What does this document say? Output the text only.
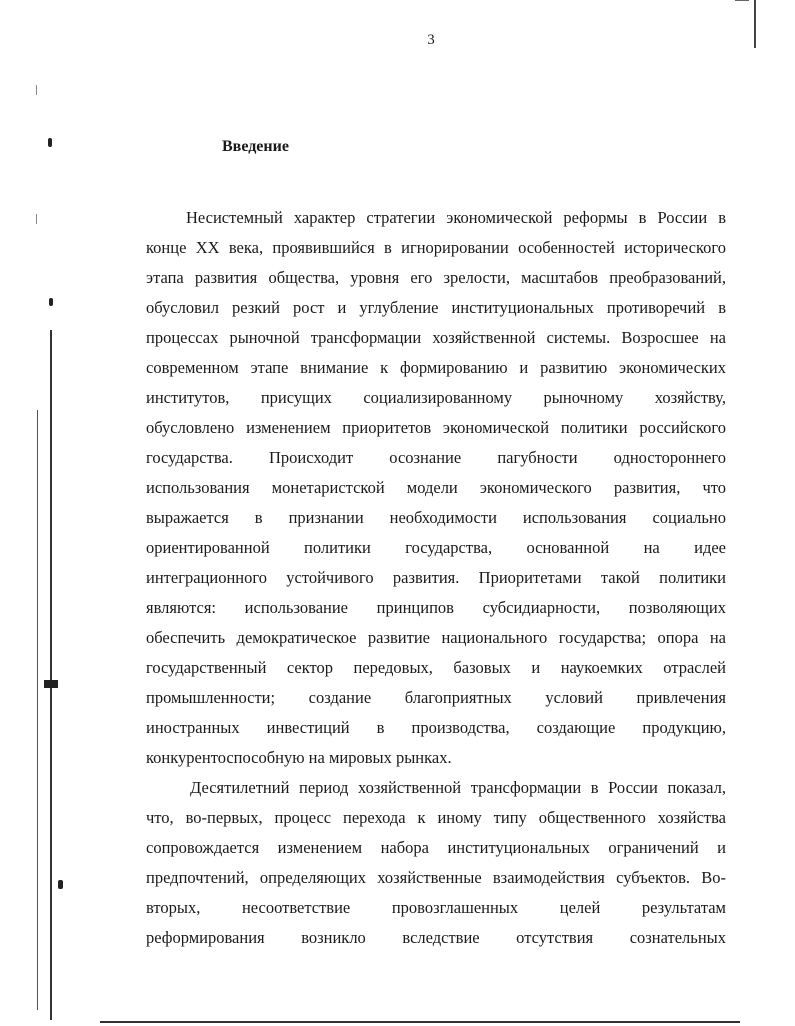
3
Введение
Несистемный характер стратегии экономической реформы в России в
конце XX века, проявившийся в игнорировании особенностей исторического
этапа развития общества, уровня его зрелости, масштабов преобразований,
обусловил резкий рост и углубление институциональных противоречий в
процессах рыночной трансформации хозяйственной системы. Возросшее на
современном этапе внимание к формированию и развитию экономических
институтов, присущих социализированному рыночному хозяйству,
обусловлено изменением приоритетов экономической политики российского
государства. Происходит осознание пагубности одностороннего
использования монетаристской модели экономического развития, что
выражается в признании необходимости использования социально
ориентированной политики государства, основанной на идее
интеграционного устойчивого развития. Приоритетами такой политики
являются: использование принципов субсидиарности, позволяющих
обеспечить демократическое развитие национального государства; опора на
государственный сектор передовых, базовых и наукоемких отраслей
промышленности; создание благоприятных условий привлечения
иностранных инвестиций в производства, создающие продукцию,
конкурентоспособную на мировых рынках.
Десятилетний период хозяйственной трансформации в России показал,
что, во-первых, процесс перехода к иному типу общественного хозяйства
сопровождается изменением набора институциональных ограничений и
предпочтений, определяющих хозяйственные взаимодействия субъектов. Во-
вторых, несоответствие провозглашенных целей результатам
реформирования возникло вследствие отсутствия сознательных
